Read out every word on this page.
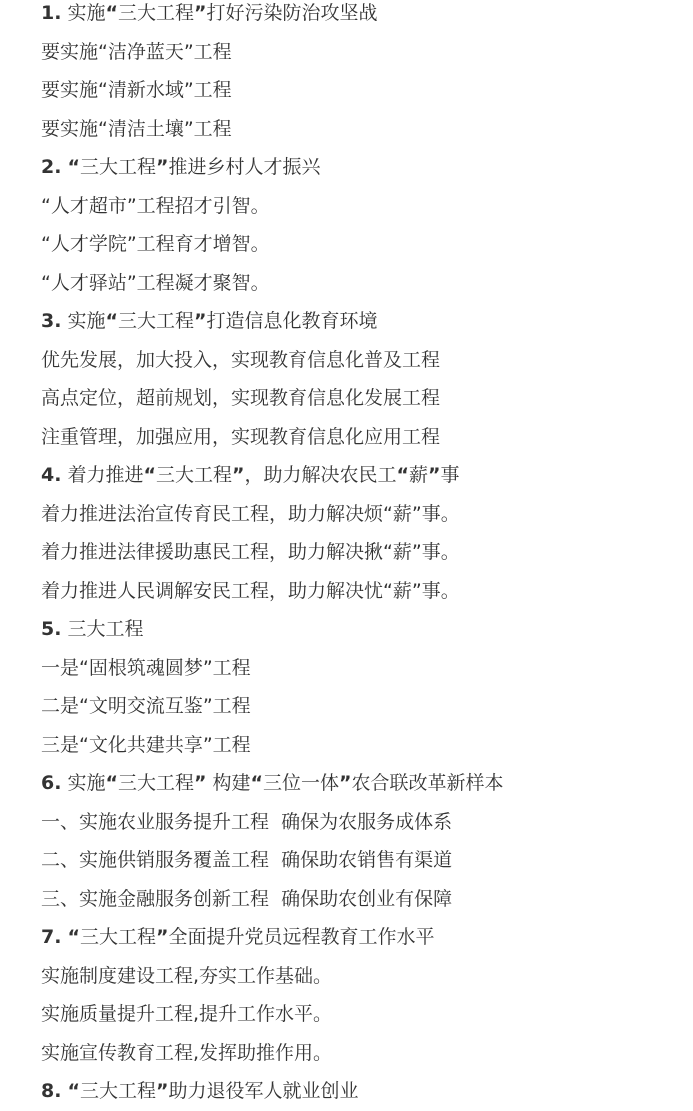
1. 实施“三大工程”打好污染防治攻坚战
要实施“洁净蓝天”工程
要实施“清新水域”工程
要实施“清洁土壤”工程
2. “三大工程”推进乡村人才振兴
“人才超市”工程招才引智。
“人才学院”工程育才增智。
“人才驿站”工程凝才聚智。
3. 实施“三大工程”打造信息化教育环境
优先发展，加大投入，实现教育信息化普及工程
高点定位，超前规划，实现教育信息化发展工程
注重管理，加强应用，实现教育信息化应用工程
4. 着力推进“三大工程”，助力解决农民工“薪”事
着力推进法治宣传育民工程，助力解决烦“薪”事。
着力推进法律援助惠民工程，助力解决揪“薪”事。
着力推进人民调解安民工程，助力解决忧“薪”事。
5. 三大工程
一是“固根筑魂圆梦”工程
二是“文明交流互鉴”工程
三是“文化共建共享”工程
6. 实施“三大工程” 构建“三位一体”农合联改革新样本
一、实施农业服务提升工程  确保为农服务成体系
二、实施供销服务覆盖工程  确保助农销售有渠道
三、实施金融服务创新工程  确保助农创业有保障
7. “三大工程”全面提升党员远程教育工作水平
实施制度建设工程,夯实工作基础。
实施质量提升工程,提升工作水平。
实施宣传教育工程,发挥助推作用。
8. “三大工程”助力退役军人就业创业
